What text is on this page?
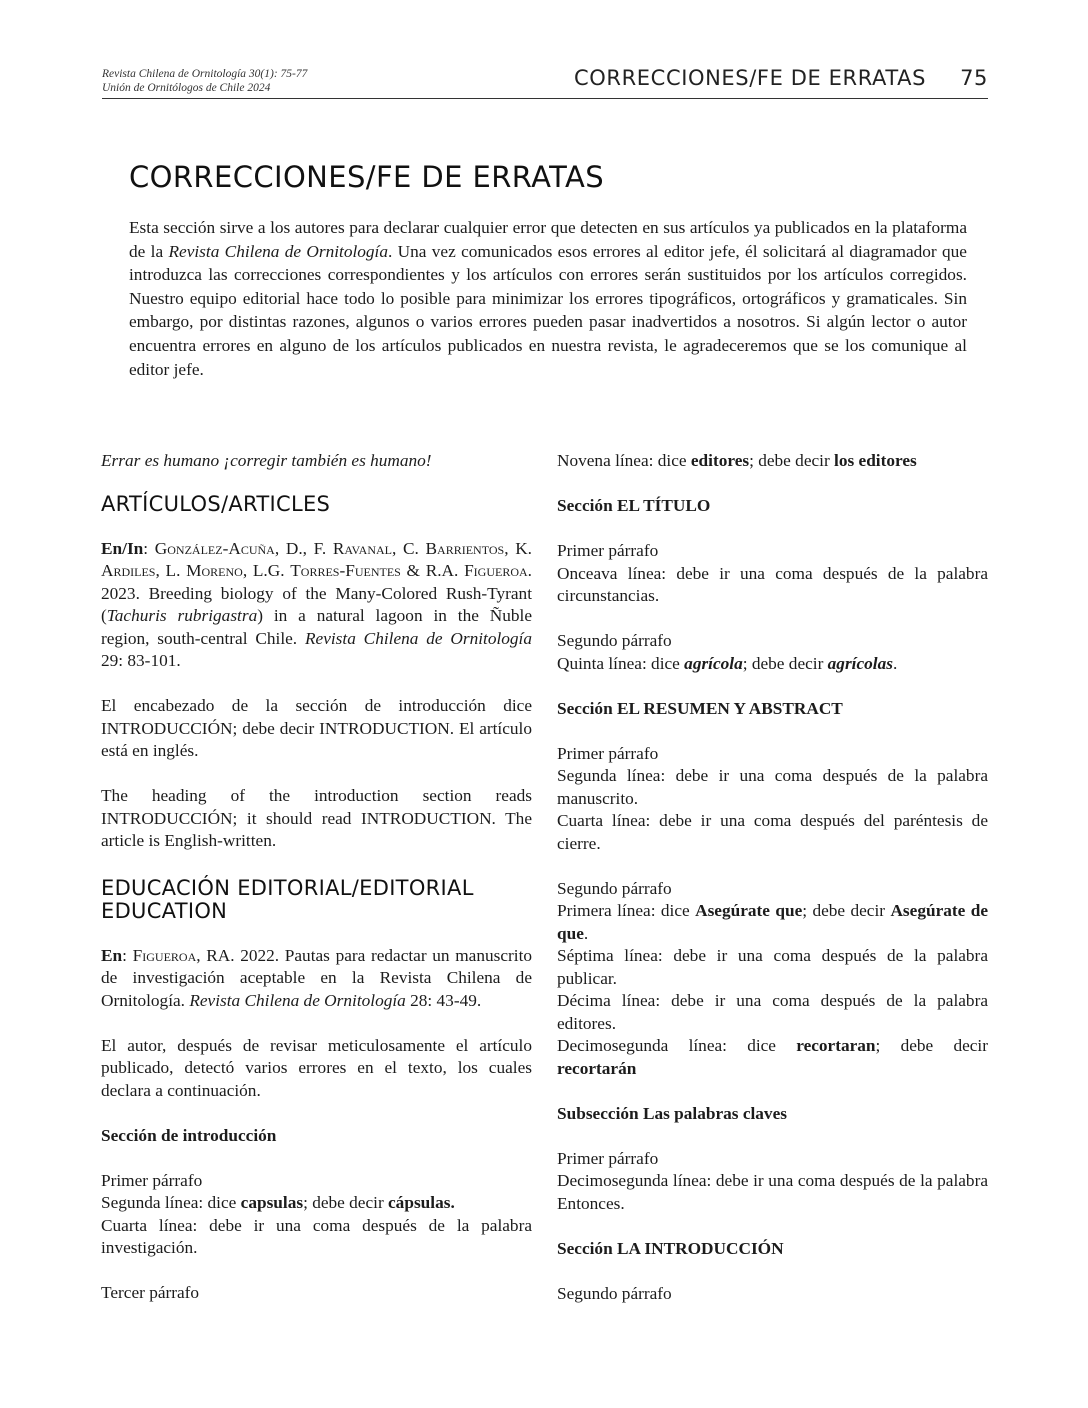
Revista Chilena de Ornitología 30(1): 75-77
Unión de Ornitólogos de Chile 2024	CORRECCIONES/FE DE ERRATAS 75
CORRECCIONES/FE DE ERRATAS

Esta sección sirve a los autores para declarar cualquier error que detecten en sus artículos ya publicados en la plataforma de la Revista Chilena de Ornitología. Una vez comunicados esos errores al editor jefe, él solicitará al diagramador que introduzca las correcciones correspondientes y los artículos con errores serán sustituidos por los artículos corregidos. Nuestro equipo editorial hace todo lo posible para minimizar los errores tipográficos, ortográficos y gramaticales. Sin embargo, por distintas razones, algunos o varios errores pueden pasar inadvertidos a nosotros. Si algún lector o autor encuentra errores en alguno de los artículos publicados en nuestra revista, le agradeceremos que se los comunique al editor jefe.

Errar es humano ¡corregir también es humano!

ARTÍCULOS/ARTICLES

En/In: González-Acuña, D., F. Ravanal, C. Barrientos, K. Ardiles, L. Moreno, L.G. Torres-Fuentes & R.A. Figueroa. 2023. Breeding biology of the Many-Colored Rush-Tyrant (Tachuris rubrigastra) in a natural lagoon in the Ñuble region, south-central Chile. Revista Chilena de Ornitología 29: 83-101.

El encabezado de la sección de introducción dice INTRODUCCIÓN; debe decir INTRODUCTION. El artículo está en inglés.

The heading of the introduction section reads INTRODUCCIÓN; it should read INTRODUCTION. The article is English-written.

EDUCACIÓN EDITORIAL/EDITORIAL EDUCATION

En: Figueroa, RA. 2022. Pautas para redactar un manuscrito de investigación aceptable en la Revista Chilena de Ornitología. Revista Chilena de Ornitología 28: 43-49.

El autor, después de revisar meticulosamente el artículo publicado, detectó varios errores en el texto, los cuales declara a continuación.

Sección de introducción

Primer párrafo

Segunda línea: dice capsulas; debe decir cápsulas.

Cuarta línea: debe ir una coma después de la palabra investigación.

Tercer párrafo

Novena línea: dice editores; debe decir los editores

Sección EL TÍTULO

Primer párrafo

Onceava línea: debe ir una coma después de la palabra circunstancias.

Segundo párrafo

Quinta línea: dice agrícola; debe decir agrícolas.

Sección EL RESUMEN Y ABSTRACT

Primer párrafo

Segunda línea: debe ir una coma después de la palabra manuscrito.

Cuarta línea: debe ir una coma después del paréntesis de cierre.

Segundo párrafo

Primera línea: dice Asegúrate que; debe decir Asegúrate de que.

Séptima línea: debe ir una coma después de la palabra publicar.

Décima línea: debe ir una coma después de la palabra editores.

Decimosegunda línea: dice recortaran; debe decir recortarán

Subsección Las palabras claves

Primer párrafo

Decimosegunda línea: debe ir una coma después de la palabra Entonces.

Sección LA INTRODUCCIÓN

Segundo párrafo
